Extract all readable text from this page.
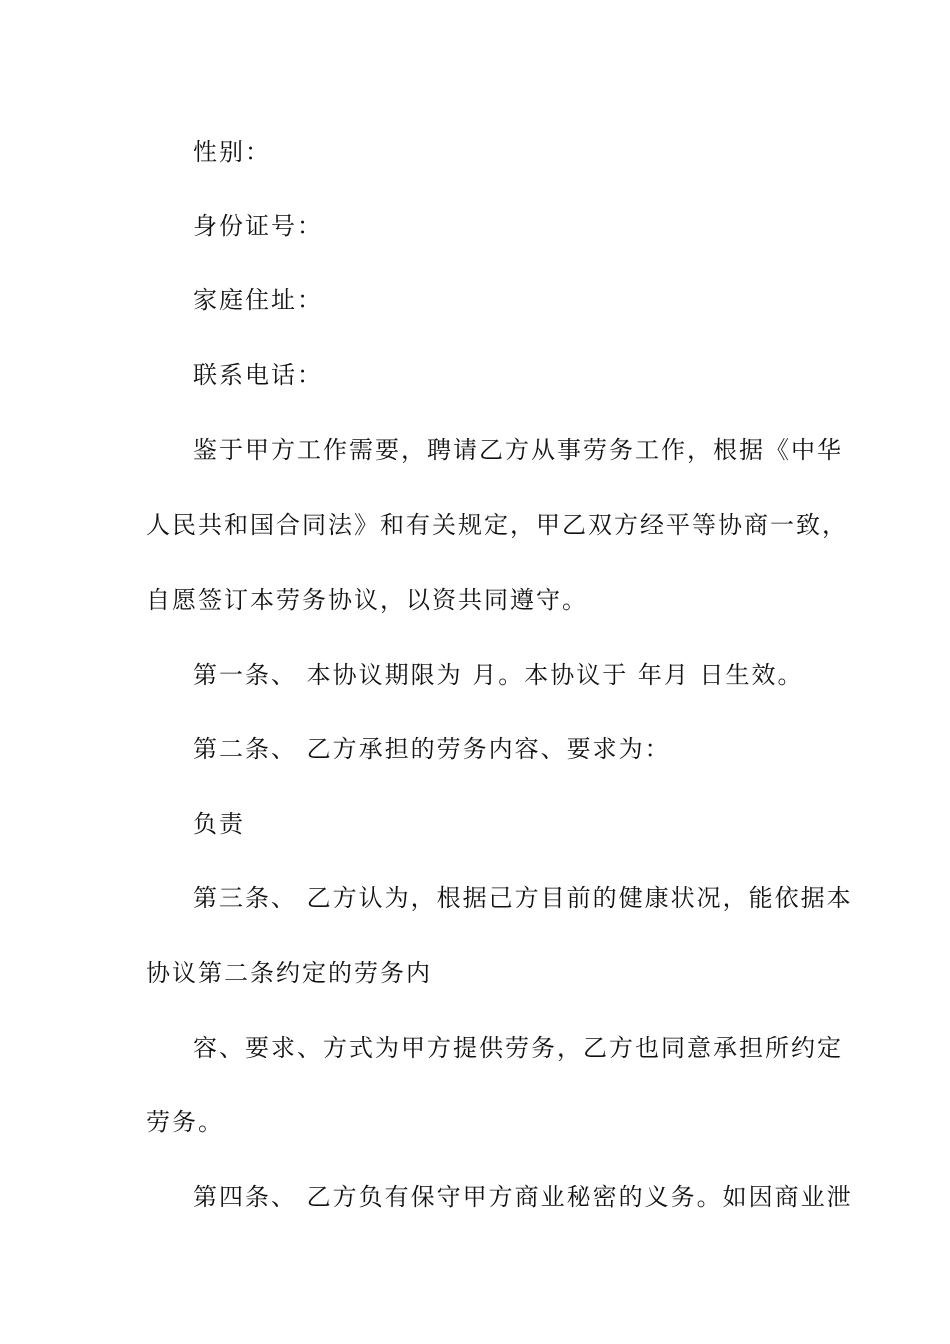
性别：
身份证号：
家庭住址：
联系电话：
鉴于甲方工作需要，聘请乙方从事劳务工作，根据《中华
人民共和国合同法》和有关规定，甲乙双方经平等协商一致，
自愿签订本劳务协议，以资共同遵守。
第一条、 本协议期限为 月。本协议于 年月 日生效。
第二条、 乙方承担的劳务内容、要求为：
负责
第三条、 乙方认为，根据己方目前的健康状况，能依据本
协议第二条约定的劳务内
容、要求、方式为甲方提供劳务，乙方也同意承担所约定
劳务。
第四条、 乙方负有保守甲方商业秘密的义务。如因商业泄
